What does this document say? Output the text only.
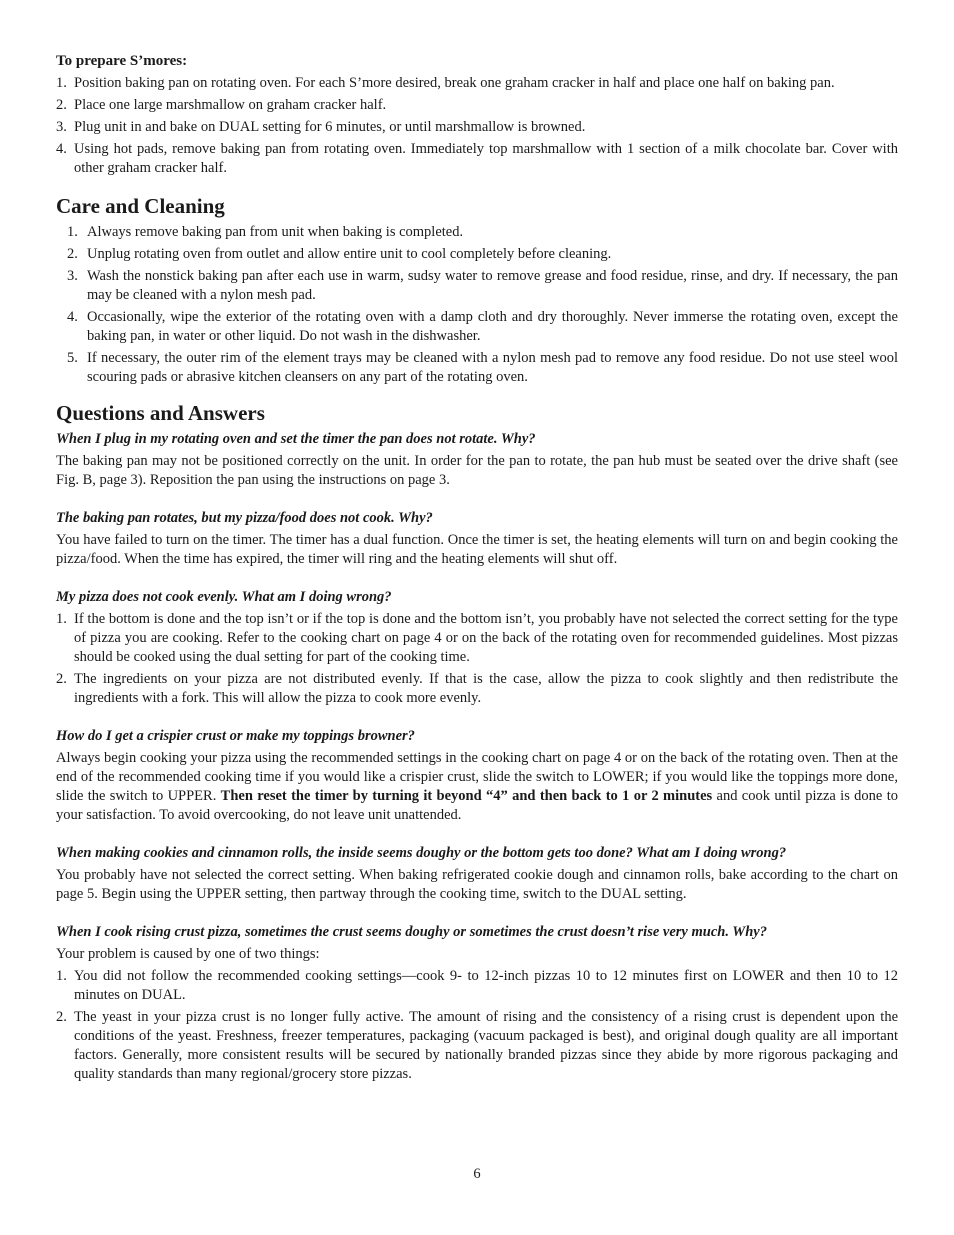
To prepare S’mores:

1. Position baking pan on rotating oven. For each S’more desired, break one graham cracker in half and place one half on baking pan.
2. Place one large marshmallow on graham cracker half.
3. Plug unit in and bake on DUAL setting for 6 minutes, or until marshmallow is browned.
4. Using hot pads, remove baking pan from rotating oven. Immediately top marshmallow with 1 section of a milk chocolate bar. Cover with other graham cracker half.
Care and Cleaning
1. Always remove baking pan from unit when baking is completed.
2. Unplug rotating oven from outlet and allow entire unit to cool completely before cleaning.
3. Wash the nonstick baking pan after each use in warm, sudsy water to remove grease and food residue, rinse, and dry. If necessary, the pan may be cleaned with a nylon mesh pad.
4. Occasionally, wipe the exterior of the rotating oven with a damp cloth and dry thoroughly. Never immerse the rotating oven, except the baking pan, in water or other liquid. Do not wash in the dishwasher.
5. If necessary, the outer rim of the element trays may be cleaned with a nylon mesh pad to remove any food residue. Do not use steel wool scouring pads or abrasive kitchen cleansers on any part of the rotating oven.
Questions and Answers

When I plug in my rotating oven and set the timer the pan does not rotate. Why?

The baking pan may not be positioned correctly on the unit. In order for the pan to rotate, the pan hub must be seated over the drive shaft (see Fig. B, page 3). Reposition the pan using the instructions on page 3.

The baking pan rotates, but my pizza/food does not cook. Why?

You have failed to turn on the timer. The timer has a dual function. Once the timer is set, the heating elements will turn on and begin cooking the pizza/food. When the time has expired, the timer will ring and the heating elements will shut off.

My pizza does not cook evenly. What am I doing wrong?

1. If the bottom is done and the top isn’t or if the top is done and the bottom isn’t, you probably have not selected the correct setting for the type of pizza you are cooking. Refer to the cooking chart on page 4 or on the back of the rotating oven for recommended guidelines. Most pizzas should be cooked using the dual setting for part of the cooking time.
2. The ingredients on your pizza are not distributed evenly. If that is the case, allow the pizza to cook slightly and then redistribute the ingredients with a fork. This will allow the pizza to cook more evenly.

How do I get a crispier crust or make my toppings browner?

Always begin cooking your pizza using the recommended settings in the cooking chart on page 4 or on the back of the rotating oven. Then at the end of the recommended cooking time if you would like a crispier crust, slide the switch to LOWER; if you would like the toppings more done, slide the switch to UPPER. Then reset the timer by turning it beyond “4” and then back to 1 or 2 minutes and cook until pizza is done to your satisfaction. To avoid overcooking, do not leave unit unattended.

When making cookies and cinnamon rolls, the inside seems doughy or the bottom gets too done? What am I doing wrong?

You probably have not selected the correct setting. When baking refrigerated cookie dough and cinnamon rolls, bake according to the chart on page 5. Begin using the UPPER setting, then partway through the cooking time, switch to the DUAL setting.

When I cook rising crust pizza, sometimes the crust seems doughy or sometimes the crust doesn’t rise very much. Why?

Your problem is caused by one of two things:

1. You did not follow the recommended cooking settings—cook 9- to 12-inch pizzas 10 to 12 minutes first on LOWER and then 10 to 12 minutes on DUAL.
2. The yeast in your pizza crust is no longer fully active. The amount of rising and the consistency of a rising crust is dependent upon the conditions of the yeast. Freshness, freezer temperatures, packaging (vacuum packaged is best), and original dough quality are all important factors. Generally, more consistent results will be secured by nationally branded pizzas since they abide by more rigorous packaging and quality standards than many regional/grocery store pizzas.
6
